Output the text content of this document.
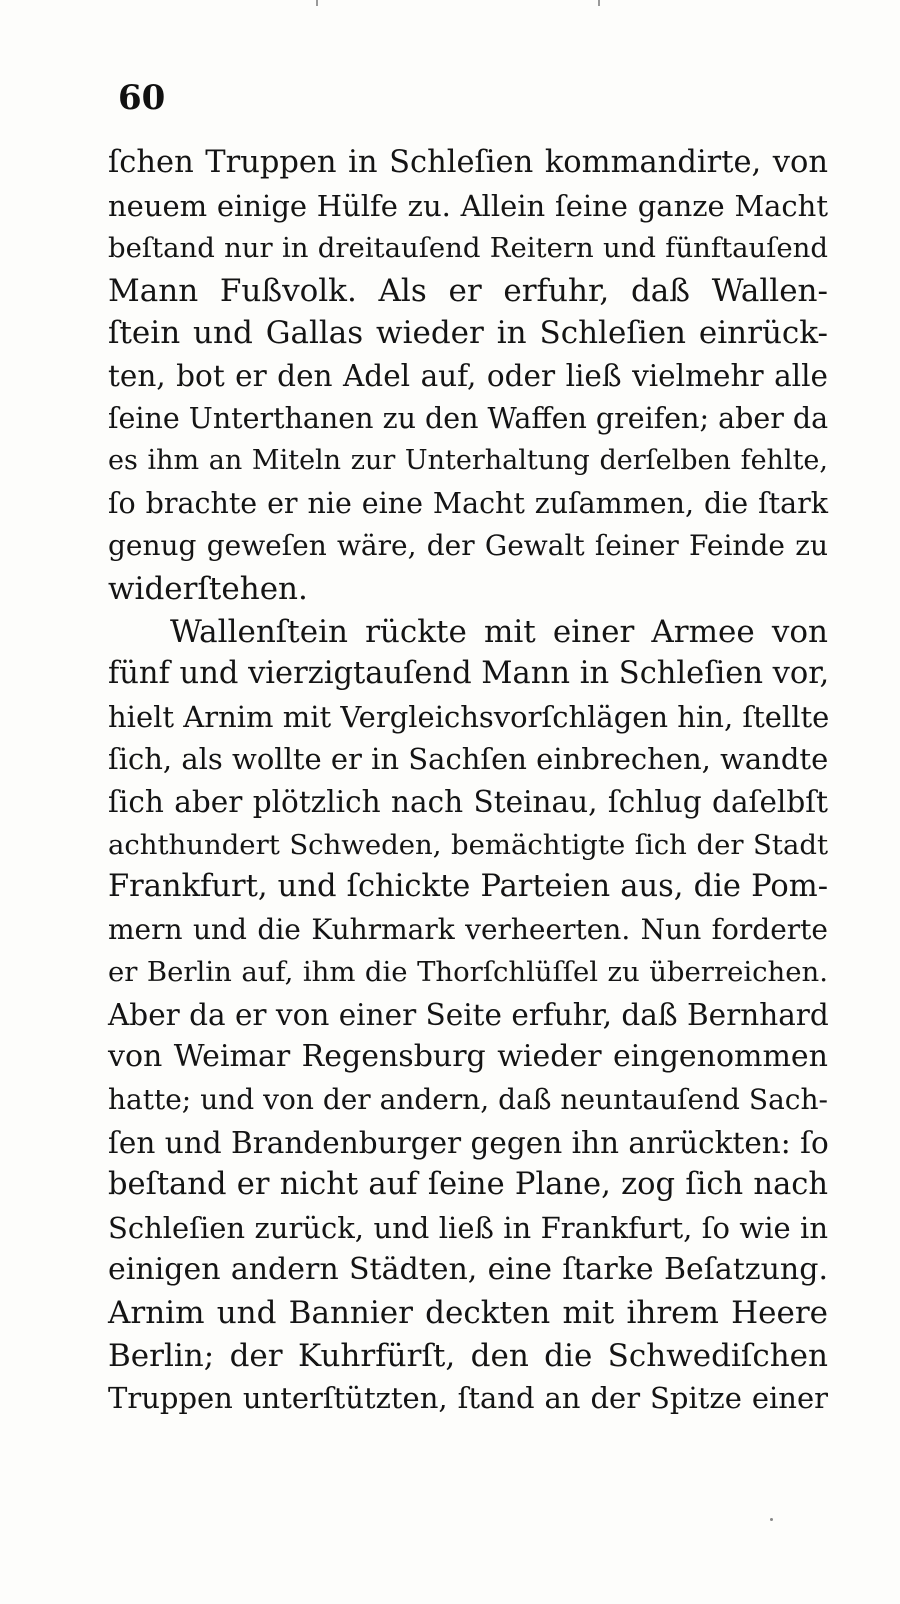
60
ſchen Truppen in Schleſien kommandirte, von
neuem einige Hülfe zu. Allein ſeine ganze Macht
beſtand nur in dreitauſend Reitern und fünftauſend
Mann Fußvolk. Als er erfuhr, daß Wallen-
ſtein und Gallas wieder in Schleſien einrück-
ten, bot er den Adel auf, oder ließ vielmehr alle
ſeine Unterthanen zu den Waffen greifen; aber da
es ihm an Miteln zur Unterhaltung derſelben fehlte,
ſo brachte er nie eine Macht zuſammen, die ſtark
genug geweſen wäre, der Gewalt ſeiner Feinde zu
widerſtehen.
Wallenſtein rückte mit einer Armee von
fünf und vierzigtauſend Mann in Schleſien vor,
hielt Arnim mit Vergleichsvorſchlägen hin, ſtellte
ſich, als wollte er in Sachſen einbrechen, wandte
ſich aber plötzlich nach Steinau, ſchlug daſelbſt
achthundert Schweden, bemächtigte ſich der Stadt
Frankfurt, und ſchickte Parteien aus, die Pom-
mern und die Kuhrmark verheerten. Nun forderte
er Berlin auf, ihm die Thorſchlüſſel zu überreichen.
Aber da er von einer Seite erfuhr, daß Bernhard
von Weimar Regensburg wieder eingenommen
hatte; und von der andern, daß neuntauſend Sach-
ſen und Brandenburger gegen ihn anrückten: ſo
beſtand er nicht auf ſeine Plane, zog ſich nach
Schleſien zurück, und ließ in Frankfurt, ſo wie in
einigen andern Städten, eine ſtarke Beſatzung.
Arnim und Bannier deckten mit ihrem Heere
Berlin; der Kuhrfürſt, den die Schwediſchen
Truppen unterſtützten, ſtand an der Spitze einer
